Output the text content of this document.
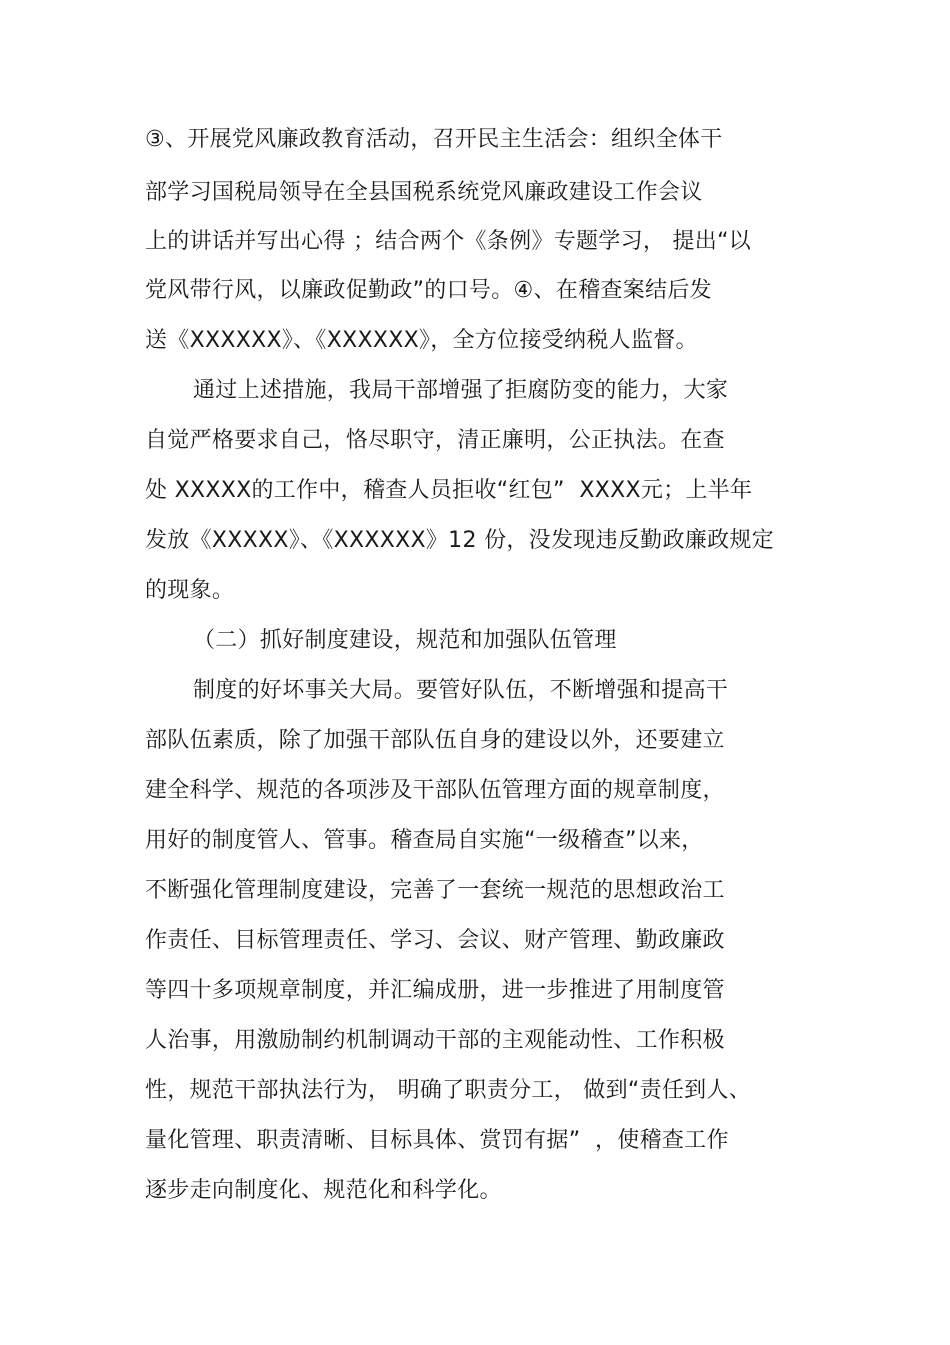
③、开展党风廉政教育活动，召开民主生活会：组织全体干
部学习国税局领导在全县国税系统党风廉政建设工作会议
上的讲话并写出心得 ；结合两个《条例》专题学习， 提出“以
党风带行风，以廉政促勤政”的口号。④、在稽查案结后发
送《XXXXXX》、《XXXXXX》，全方位接受纳税人监督。
通过上述措施，我局干部增强了拒腐防变的能力，大家
自觉严格要求自己，恪尽职守，清正廉明，公正执法。在查
处 XXXXX的工作中，稽查人员拒收“红包”  XXXX元；上半年
发放《XXXXX》、《XXXXXX》12 份，没发现违反勤政廉政规定
的现象。
（二）抓好制度建设，规范和加强队伍管理
制度的好坏事关大局。要管好队伍，不断增强和提高干
部队伍素质，除了加强干部队伍自身的建设以外，还要建立
建全科学、规范的各项涉及干部队伍管理方面的规章制度，
用好的制度管人、管事。稽查局自实施“一级稽查”以来，
不断强化管理制度建设，完善了一套统一规范的思想政治工
作责任、目标管理责任、学习、会议、财产管理、勤政廉政
等四十多项规章制度，并汇编成册，进一步推进了用制度管
人治事，用激励制约机制调动干部的主观能动性、工作积极
性，规范干部执法行为， 明确了职责分工， 做到“责任到人、
量化管理、职责清晰、目标具体、赏罚有据”  ，使稽查工作
逐步走向制度化、规范化和科学化。
